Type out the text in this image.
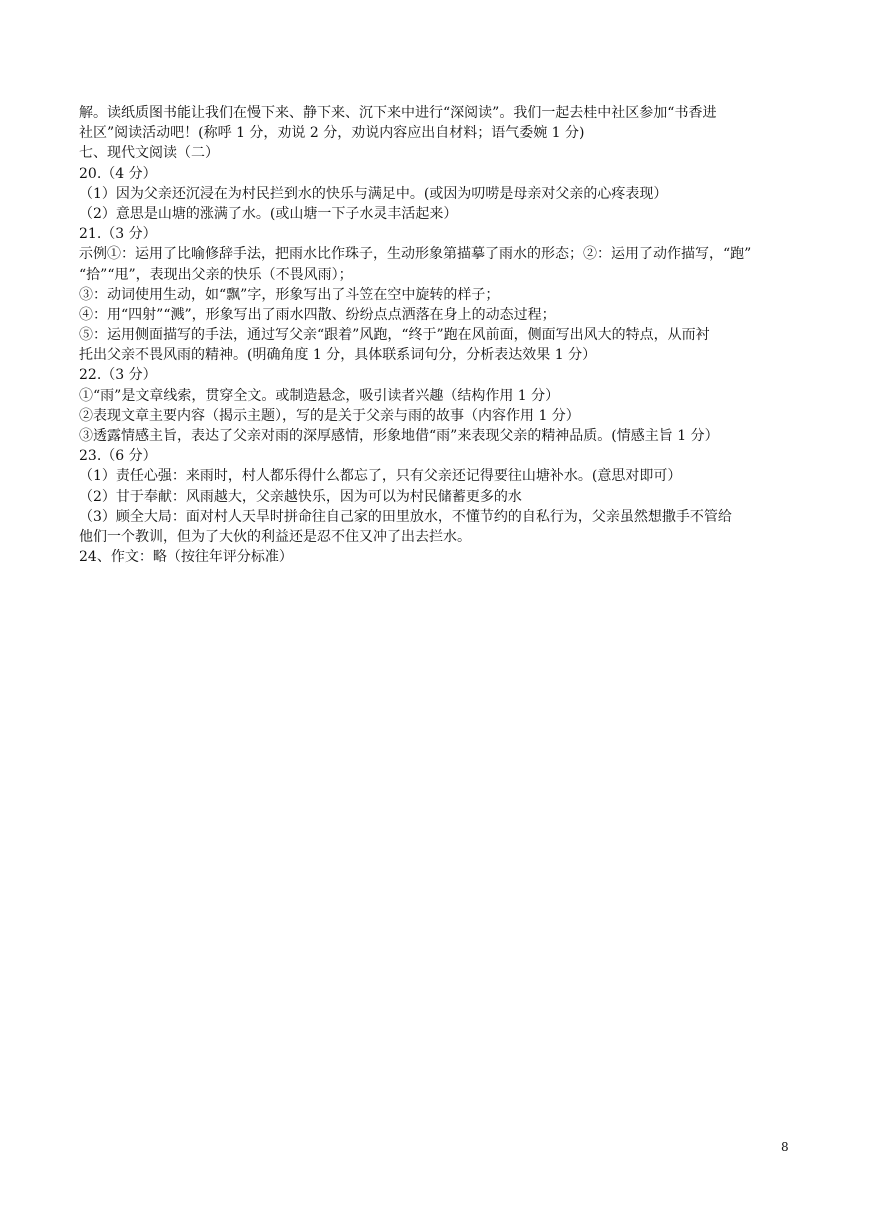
解。读纸质图书能让我们在慢下来、静下来、沉下来中进行“深阅读”。我们一起去桂中社区参加“书香进
社区”阅读活动吧！(称呼 1 分，劝说 2 分，劝说内容应出自材料；语气委婉 1 分)
七、现代文阅读（二）
20.（4 分）
（1）因为父亲还沉浸在为村民拦到水的快乐与满足中。(或因为叨唠是母亲对父亲的心疼表现）
（2）意思是山塘的涨满了水。(或山塘一下子水灵丰活起来）
21.（3 分）
示例①：运用了比喻修辞手法，把雨水比作珠子，生动形象第描摹了雨水的形态；②：运用了动作描写，“跑”
“拾”“甩”，表现出父亲的快乐（不畏风雨）；
③：动词使用生动，如“飘”字，形象写出了斗笠在空中旋转的样子；
④：用“四射”“溅”，形象写出了雨水四散、纷纷点点洒落在身上的动态过程；
⑤：运用侧面描写的手法，通过写父亲“跟着”风跑，“终于”跑在风前面，侧面写出风大的特点，从而衬
托出父亲不畏风雨的精神。(明确角度 1 分，具体联系词句分，分析表达效果 1 分）
22.（3 分）
①“雨”是文章线索，贯穿全文。或制造悬念，吸引读者兴趣（结构作用 1 分）
②表现文章主要内容（揭示主题），写的是关于父亲与雨的故事（内容作用 1 分）
③透露情感主旨，表达了父亲对雨的深厚感情，形象地借“雨”来表现父亲的精神品质。(情感主旨 1 分）
23.（6 分）
（1）责任心强：来雨时，村人都乐得什么都忘了，只有父亲还记得要往山塘补水。(意思对即可）
（2）甘于奉献：风雨越大，父亲越快乐，因为可以为村民储蓄更多的水
（3）顾全大局：面对村人天旱时拼命往自己家的田里放水，不懂节约的自私行为，父亲虽然想撒手不管给
他们一个教训，但为了大伙的利益还是忍不住又冲了出去拦水。
24、作文：略（按往年评分标准）
8
